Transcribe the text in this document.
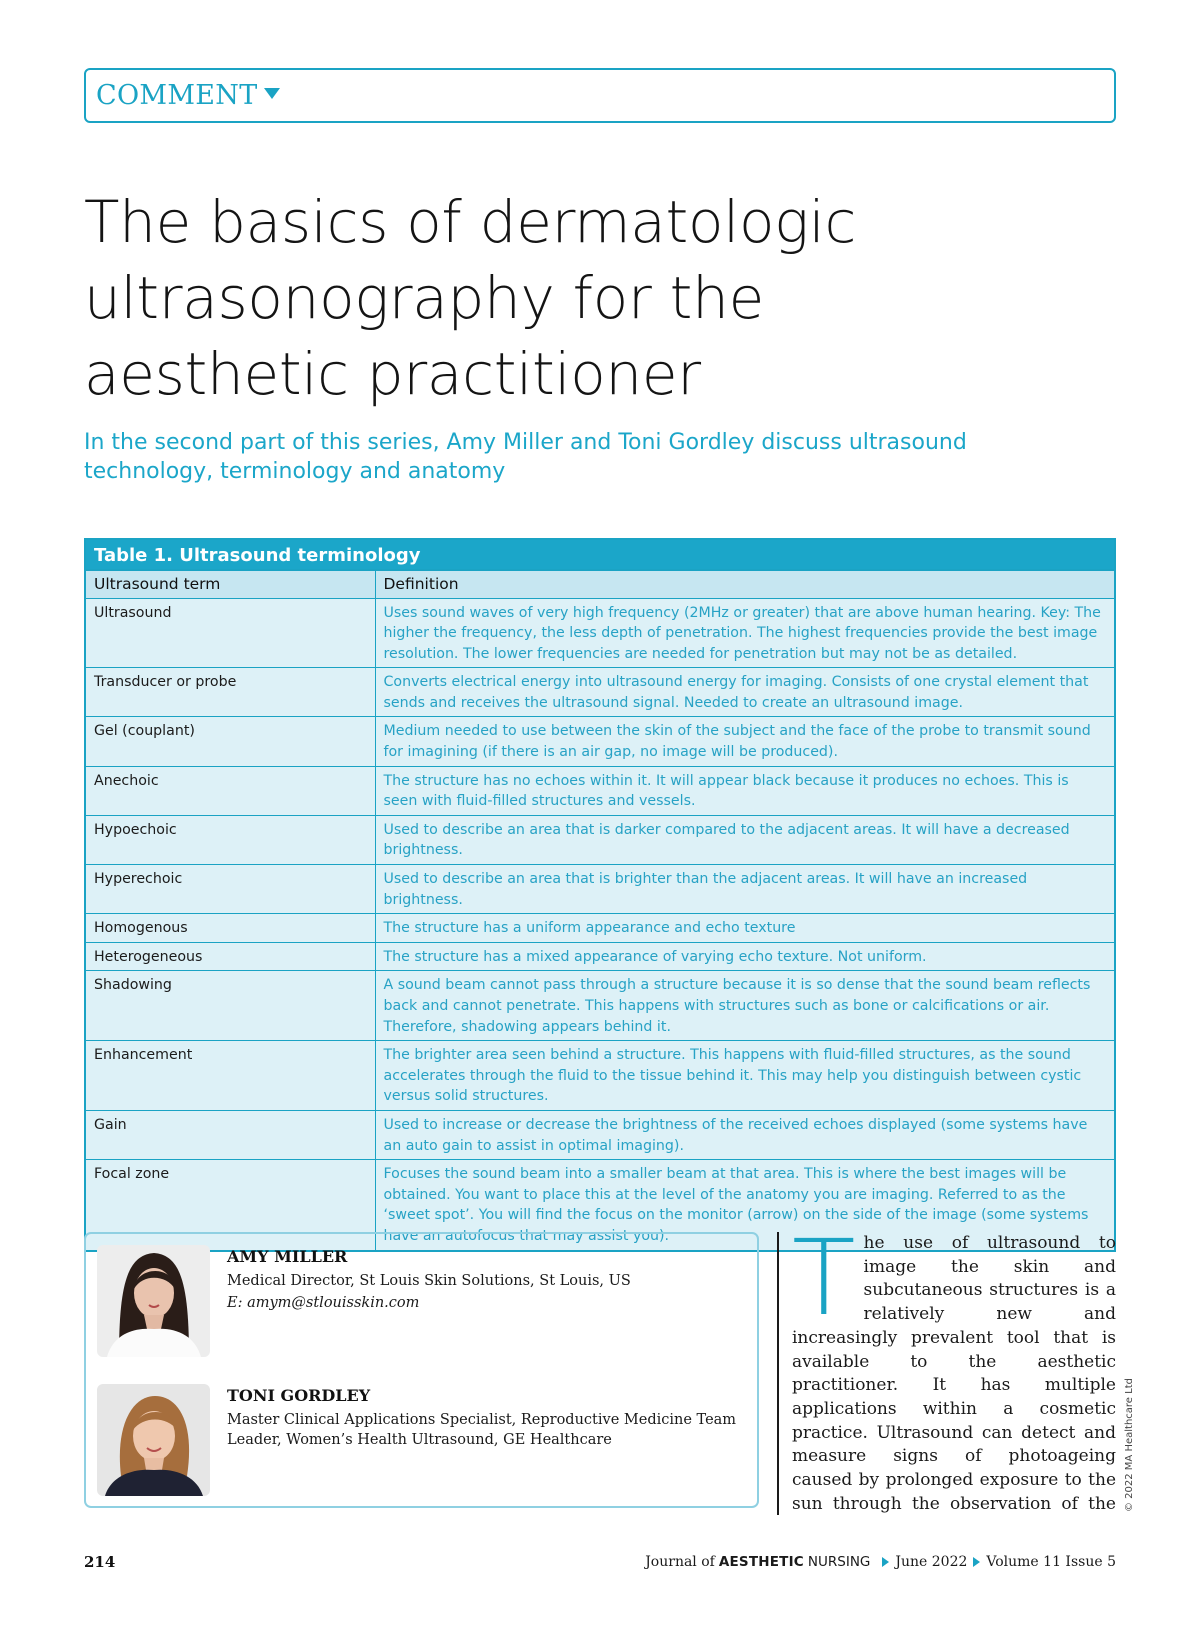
COMMENT
The basics of dermatologic ultrasonography for the aesthetic practitioner

In the second part of this series, Amy Miller and Toni Gordley discuss ultrasound technology, terminology and anatomy

Table 1. Ultrasound terminology
Ultrasound term	Definition
Ultrasound	Uses sound waves of very high frequency (2MHz or greater) that are above human hearing. Key: The higher the frequency, the less depth of penetration. The highest frequencies provide the best image resolution. The lower frequencies are needed for penetration but may not be as detailed.
Transducer or probe	Converts electrical energy into ultrasound energy for imaging. Consists of one crystal element that sends and receives the ultrasound signal. Needed to create an ultrasound image.
Gel (couplant)	Medium needed to use between the skin of the subject and the face of the probe to transmit sound for imagining (if there is an air gap, no image will be produced).
Anechoic	The structure has no echoes within it. It will appear black because it produces no echoes. This is seen with fluid-filled structures and vessels.
Hypoechoic	Used to describe an area that is darker compared to the adjacent areas. It will have a decreased brightness.
Hyperechoic	Used to describe an area that is brighter than the adjacent areas. It will have an increased brightness.
Homogenous	The structure has a uniform appearance and echo texture
Heterogeneous	The structure has a mixed appearance of varying echo texture. Not uniform.
Shadowing	A sound beam cannot pass through a structure because it is so dense that the sound beam reflects back and cannot penetrate. This happens with structures such as bone or calcifications or air. Therefore, shadowing appears behind it.
Enhancement	The brighter area seen behind a structure. This happens with fluid-filled structures, as the sound accelerates through the fluid to the tissue behind it. This may help you distinguish between cystic versus solid structures.
Gain	Used to increase or decrease the brightness of the received echoes displayed (some systems have an auto gain to assist in optimal imaging).
Focal zone	Focuses the sound beam into a smaller beam at that area. This is where the best images will be obtained. You want to place this at the level of the anatomy you are imaging. Referred to as the ‘sweet spot’. You will find the focus on the monitor (arrow) on the side of the image (some systems have an autofocus that may assist you).
AMY MILLER
Medical Director, St Louis Skin Solutions, St Louis, US
E: amym@stlouisskin.com
TONI GORDLEY
Master Clinical Applications Specialist, Reproductive Medicine Team Leader, Women’s Health Ultrasound, GE Healthcare
The use of ultrasound to image the skin and subcutaneous structures is a relatively new and increasingly prevalent tool that is available to the aesthetic practitioner. It has multiple applications within a cosmetic practice. Ultrasound can detect and measure signs of photoageing caused by prolonged exposure to the sun through the observation of the © 2022 MA Healthcare Ltd
214	Journal of AESTHETIC NURSING June 2022 Volume 11 Issue 5
